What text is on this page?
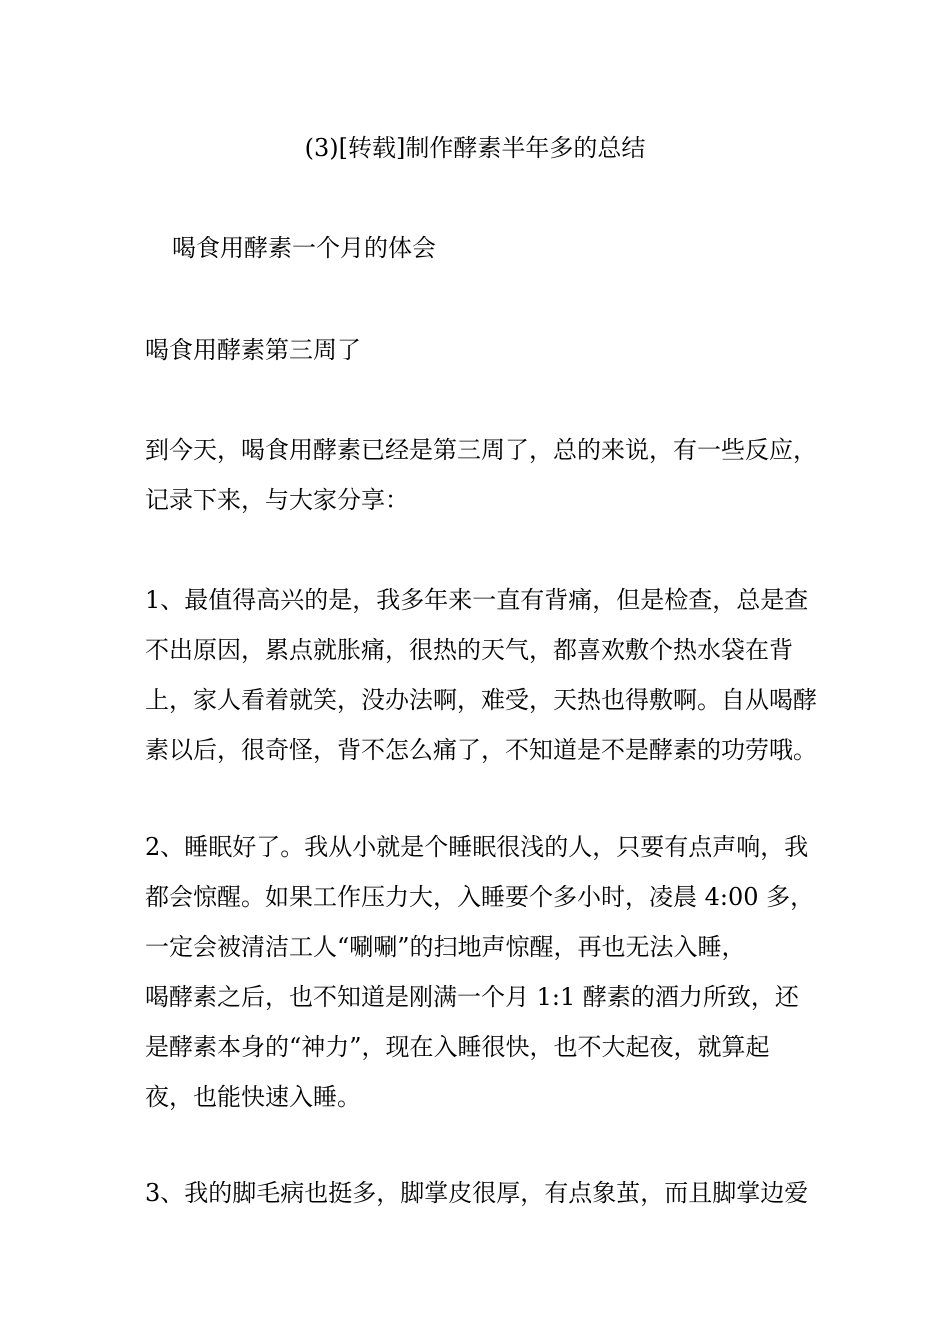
(3)[转载]制作酵素半年多的总结

喝食用酵素一个月的体会

喝食用酵素第三周了

到今天，喝食用酵素已经是第三周了，总的来说，有一些反应，
记录下来，与大家分享：
1、最值得高兴的是，我多年来一直有背痛，但是检查，总是查
不出原因，累点就胀痛，很热的天气，都喜欢敷个热水袋在背
上，家人看着就笑，没办法啊，难受，天热也得敷啊。自从喝酵
素以后，很奇怪，背不怎么痛了，不知道是不是酵素的功劳哦。
2、睡眠好了。我从小就是个睡眠很浅的人，只要有点声响，我
都会惊醒。如果工作压力大，入睡要个多小时，凌晨 4:00 多，
一定会被清洁工人“唰唰”的扫地声惊醒，再也无法入睡，
喝酵素之后，也不知道是刚满一个月 1:1 酵素的酒力所致，还
是酵素本身的“神力”，现在入睡很快，也不大起夜，就算起
夜，也能快速入睡。
3、我的脚毛病也挺多，脚掌皮很厚，有点象茧，而且脚掌边爱
